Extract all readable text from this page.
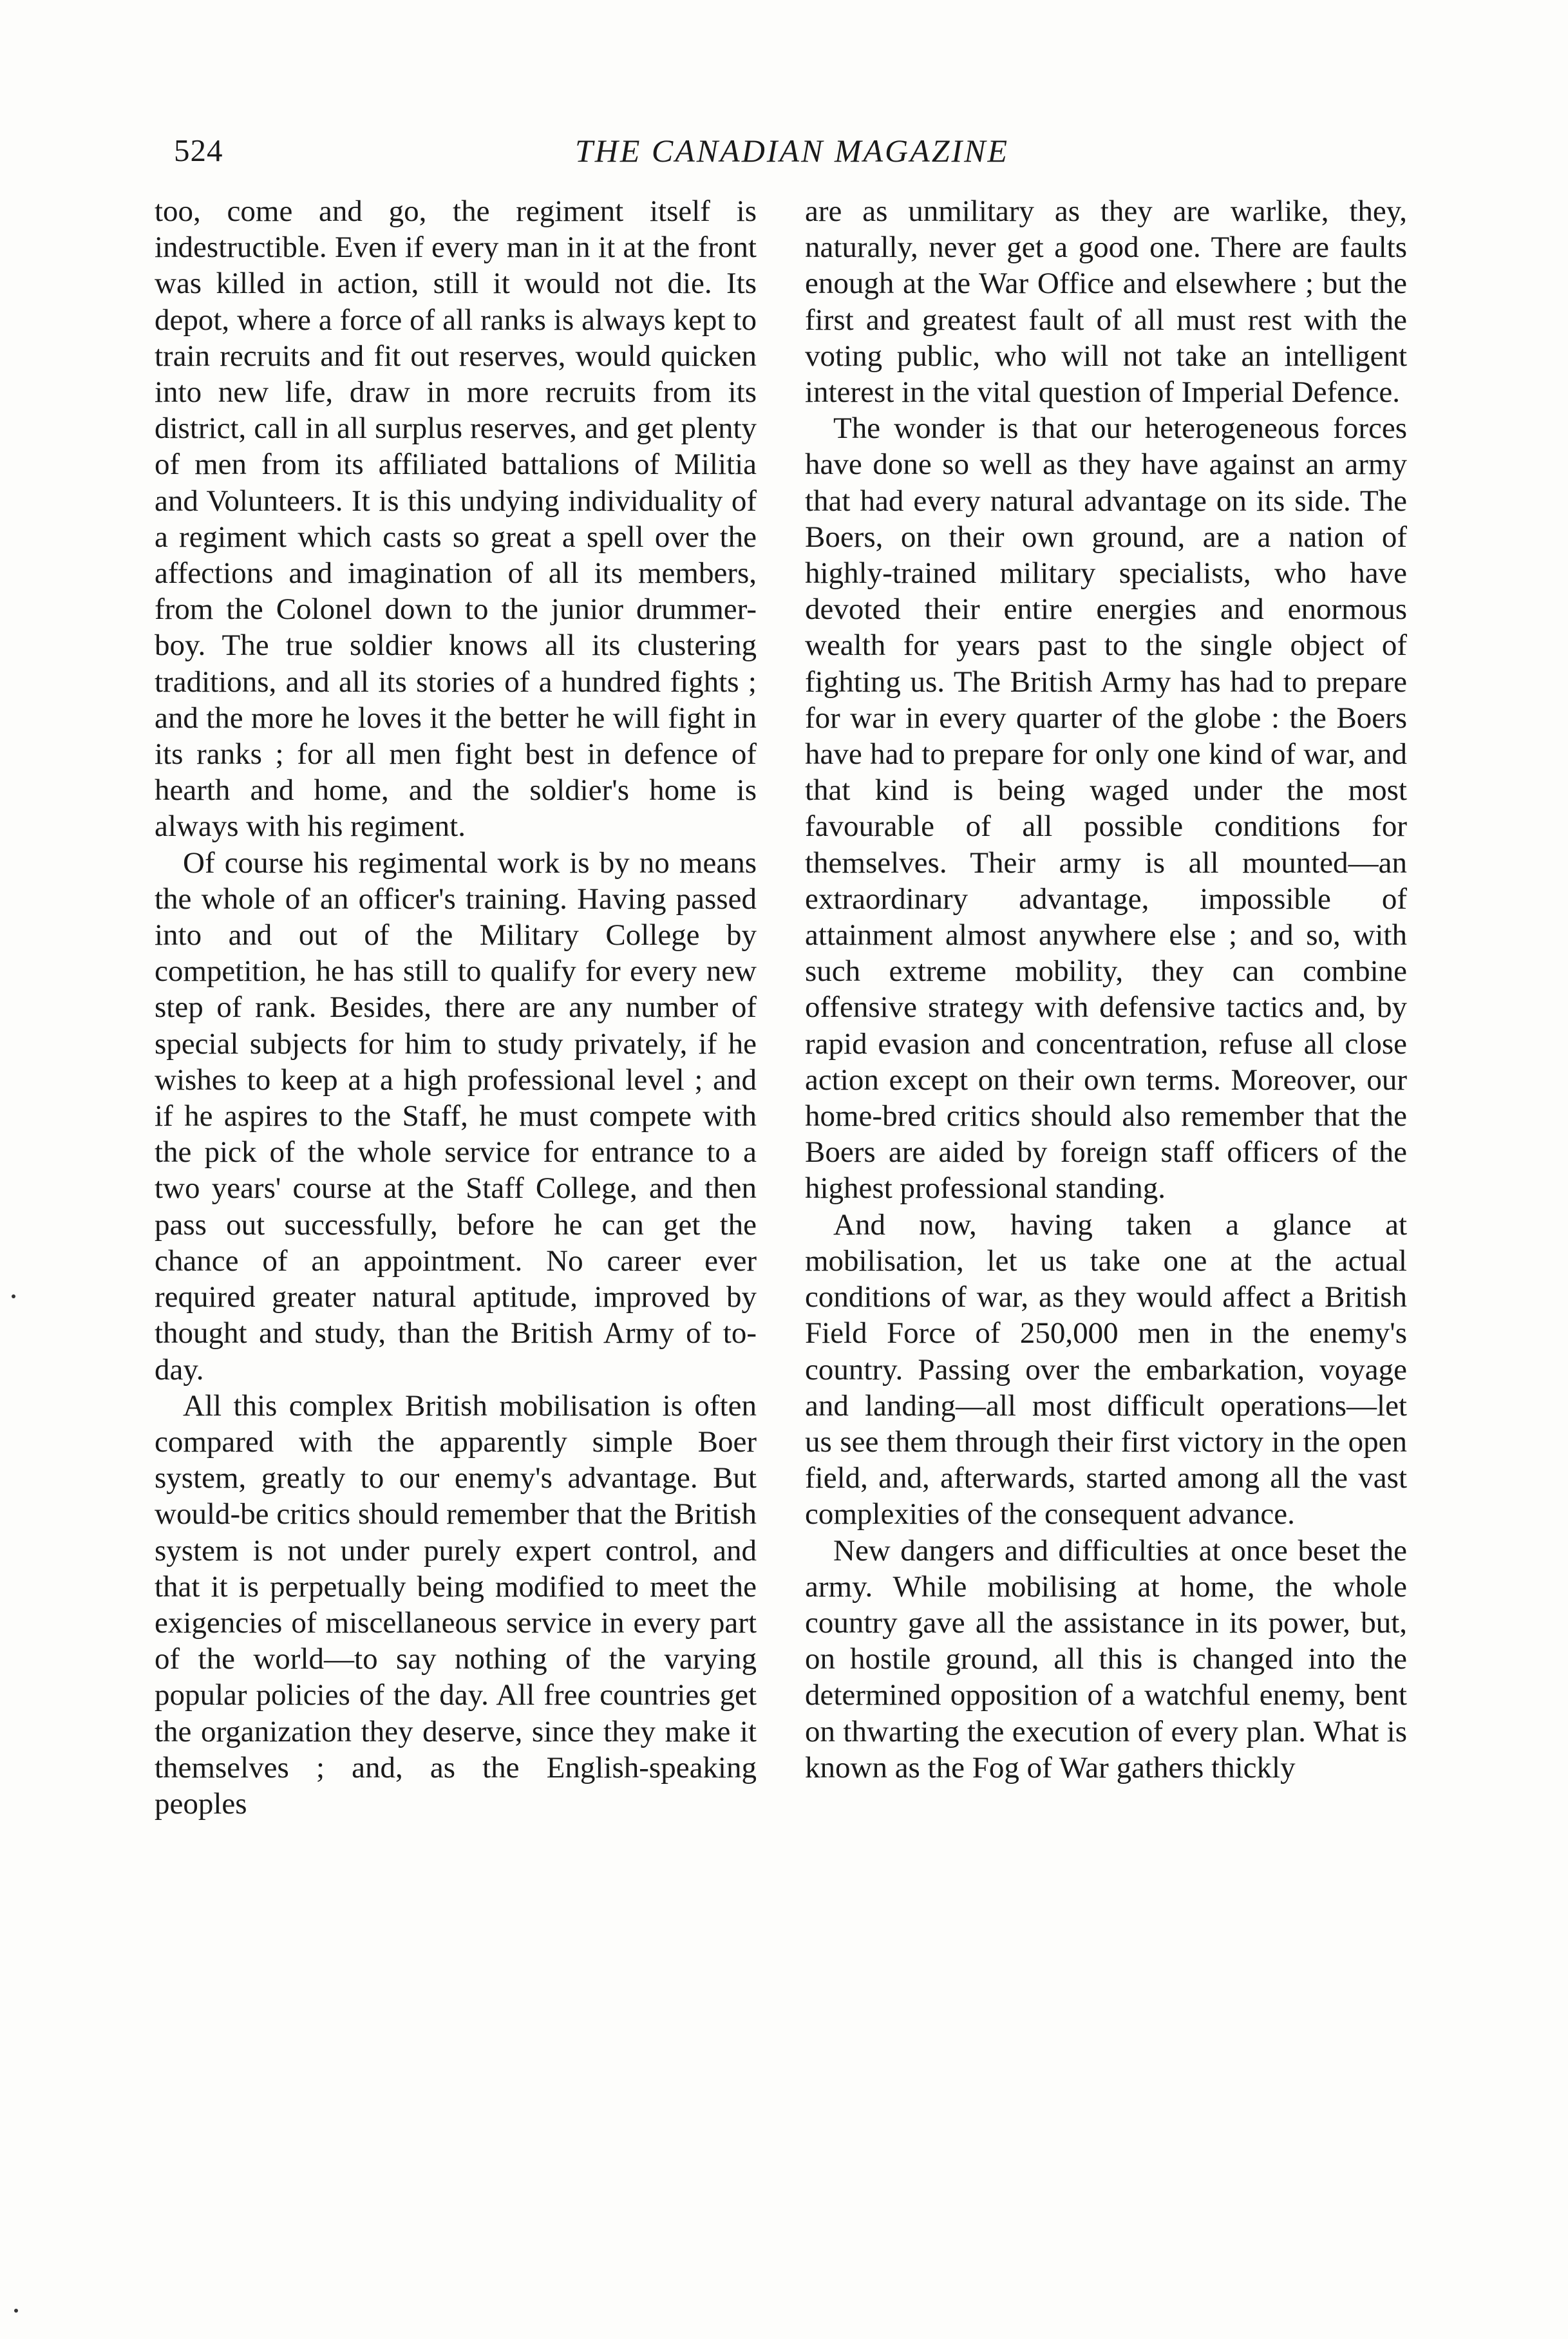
524	THE CANADIAN MAGAZINE

too, come and go, the regiment itself is indestructible. Even if every man in it at the front was killed in action, still it would not die. Its depot, where a force of all ranks is always kept to train recruits and fit out reserves, would quicken into new life, draw in more recruits from its district, call in all surplus reserves, and get plenty of men from its affiliated battalions of Militia and Volunteers. It is this undying individuality of a regiment which casts so great a spell over the affections and imagination of all its members, from the Colonel down to the junior drummer-boy. The true soldier knows all its clustering traditions, and all its stories of a hundred fights ; and the more he loves it the better he will fight in its ranks ; for all men fight best in defence of hearth and home, and the soldier's home is always with his regiment.

Of course his regimental work is by no means the whole of an officer's training. Having passed into and out of the Military College by competition, he has still to qualify for every new step of rank. Besides, there are any number of special subjects for him to study privately, if he wishes to keep at a high professional level ; and if he aspires to the Staff, he must compete with the pick of the whole service for entrance to a two years' course at the Staff College, and then pass out successfully, before he can get the chance of an appointment. No career ever required greater natural aptitude, improved by thought and study, than the British Army of to-day.

All this complex British mobilisation is often compared with the apparently simple Boer system, greatly to our enemy's advantage. But would-be critics should remember that the British system is not under purely expert control, and that it is perpetually being modified to meet the exigencies of miscellaneous service in every part of the world—to say nothing of the varying popular policies of the day. All free countries get the organization they deserve, since they make it themselves ; and, as the English-speaking peoples

are as unmilitary as they are warlike, they, naturally, never get a good one. There are faults enough at the War Office and elsewhere ; but the first and greatest fault of all must rest with the voting public, who will not take an intelligent interest in the vital question of Imperial Defence.

The wonder is that our heterogeneous forces have done so well as they have against an army that had every natural advantage on its side. The Boers, on their own ground, are a nation of highly-trained military specialists, who have devoted their entire energies and enormous wealth for years past to the single object of fighting us. The British Army has had to prepare for war in every quarter of the globe : the Boers have had to prepare for only one kind of war, and that kind is being waged under the most favourable of all possible conditions for themselves. Their army is all mounted—an extraordinary advantage, impossible of attainment almost anywhere else ; and so, with such extreme mobility, they can combine offensive strategy with defensive tactics and, by rapid evasion and concentration, refuse all close action except on their own terms. Moreover, our home-bred critics should also remember that the Boers are aided by foreign staff officers of the highest professional standing.

And now, having taken a glance at mobilisation, let us take one at the actual conditions of war, as they would affect a British Field Force of 250,000 men in the enemy's country. Passing over the embarkation, voyage and landing—all most difficult operations—let us see them through their first victory in the open field, and, afterwards, started among all the vast complexities of the consequent advance.

New dangers and difficulties at once beset the army. While mobilising at home, the whole country gave all the assistance in its power, but, on hostile ground, all this is changed into the determined opposition of a watchful enemy, bent on thwarting the execution of every plan. What is known as the Fog of War gathers thickly
